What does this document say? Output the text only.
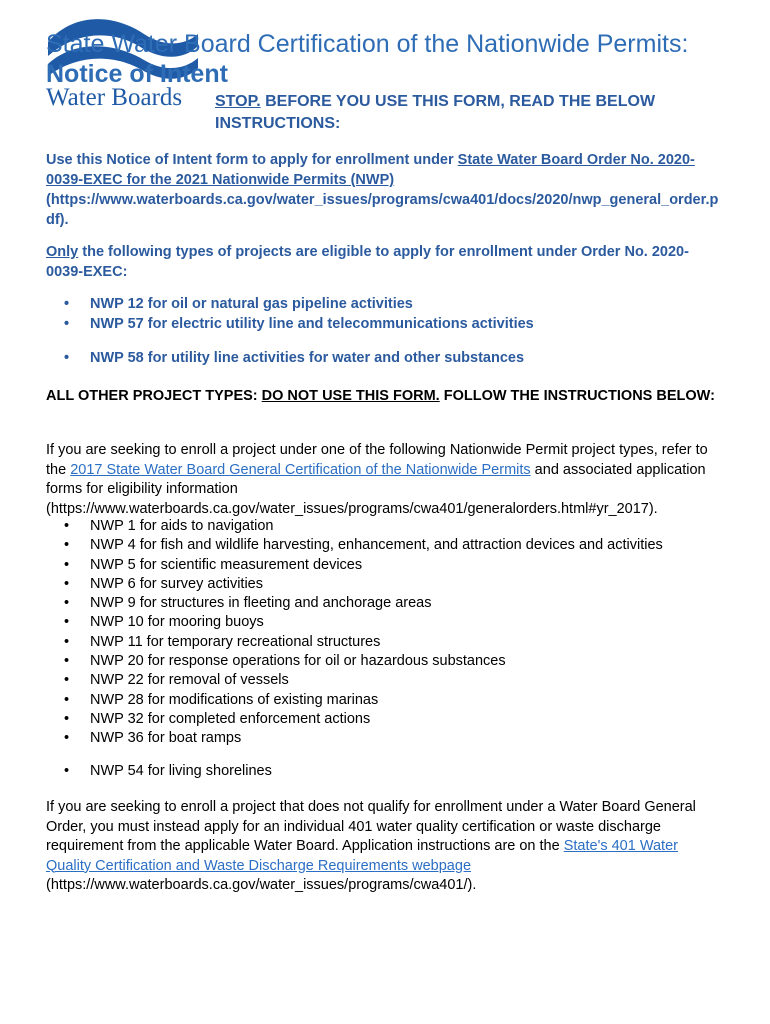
Water Boards
State Water Board Certification of the Nationwide Permits:
Notice of Intent
STOP. BEFORE YOU USE THIS FORM, READ THE BELOW INSTRUCTIONS:
Use this Notice of Intent form to apply for enrollment under State Water Board Order No. 2020-0039-EXEC for the 2021 Nationwide Permits (NWP)
(https://www.waterboards.ca.gov/water_issues/programs/cwa401/docs/2020/nwp_general_order.pdf).
Only the following types of projects are eligible to apply for enrollment under Order No. 2020-0039-EXEC:
• NWP 12 for oil or natural gas pipeline activities
• NWP 57 for electric utility line and telecommunications activities
• NWP 58 for utility line activities for water and other substances
ALL OTHER PROJECT TYPES: DO NOT USE THIS FORM. FOLLOW THE INSTRUCTIONS BELOW:
If you are seeking to enroll a project under one of the following Nationwide Permit project types, refer to the 2017 State Water Board General Certification of the Nationwide Permits and associated application forms for eligibility information (https://www.waterboards.ca.gov/water_issues/programs/cwa401/generalorders.html#yr_2017).
• NWP 1 for aids to navigation
• NWP 4 for fish and wildlife harvesting, enhancement, and attraction devices and activities
• NWP 5 for scientific measurement devices
• NWP 6 for survey activities
• NWP 9 for structures in fleeting and anchorage areas
• NWP 10 for mooring buoys
• NWP 11 for temporary recreational structures
• NWP 20 for response operations for oil or hazardous substances
• NWP 22 for removal of vessels
• NWP 28 for modifications of existing marinas
• NWP 32 for completed enforcement actions
• NWP 36 for boat ramps
• NWP 54 for living shorelines
If you are seeking to enroll a project that does not qualify for enrollment under a Water Board General Order, you must instead apply for an individual 401 water quality certification or waste discharge requirement from the applicable Water Board. Application instructions are on the State's 401 Water Quality Certification and Waste Discharge Requirements webpage (https://www.waterboards.ca.gov/water_issues/programs/cwa401/).
